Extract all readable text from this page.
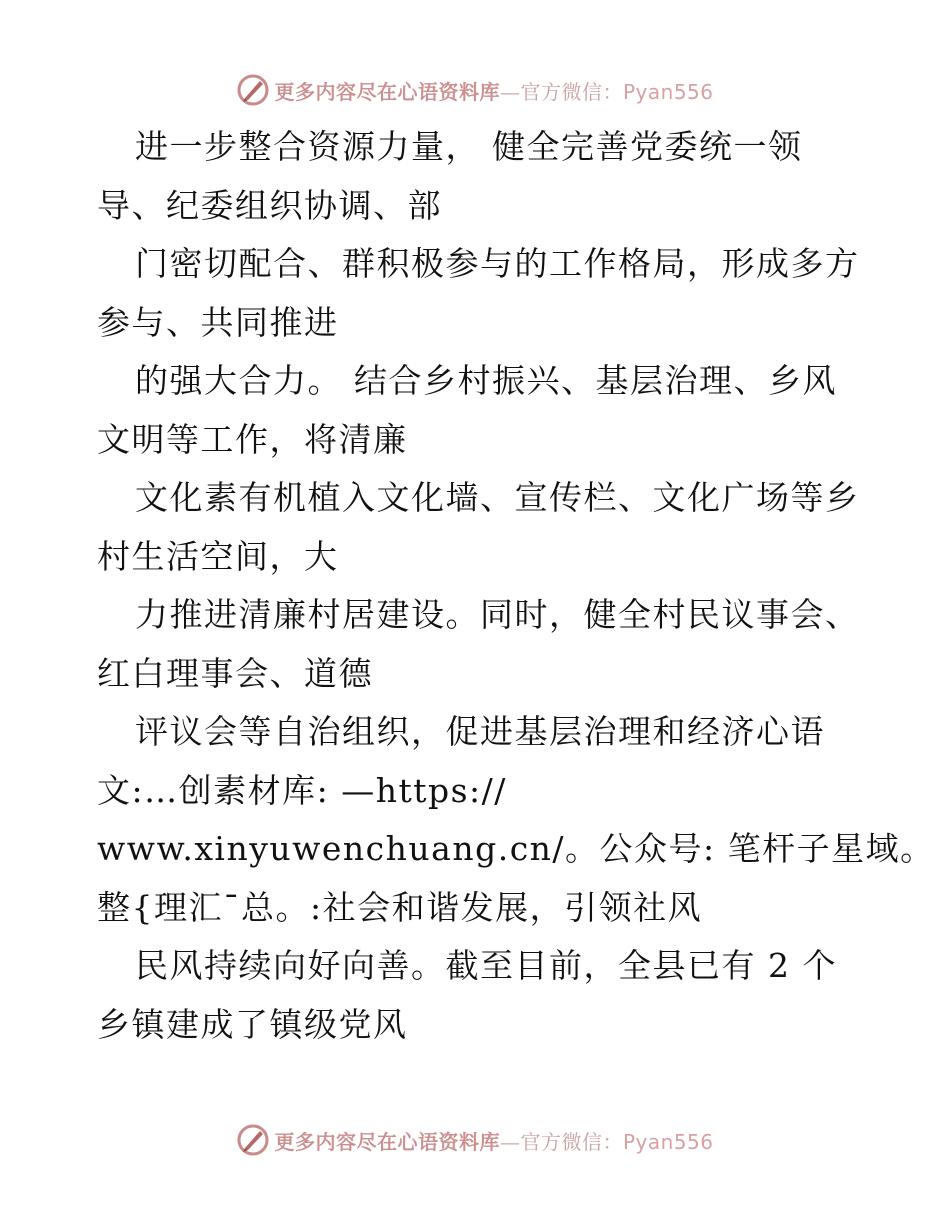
更多内容尽在心语资料库—官方微信：Pyan556
进一步整合资源力量， 健全完善党委统一领
导、纪委组织协调、部
门密切配合、群积极参与的工作格局，形成多方
参与、共同推进
的强大合力。 结合乡村振兴、基层治理、乡风
文明等工作，将清廉
文化素有机植入文化墙、宣传栏、文化广场等乡
村生活空间，大
力推进清廉村居建设。同时，健全村民议事会、
红白理事会、道德
评议会等自治组织，促进基层治理和经济心语
文:…创素材库: —https://
www.xinyuwenchuang.cn/。公众号: 笔杆子星域。
整{理汇¯总。:社会和谐发展，引领社风
民风持续向好向善。截至目前，全县已有 2 个
乡镇建成了镇级党风
更多内容尽在心语资料库—官方微信：Pyan556
